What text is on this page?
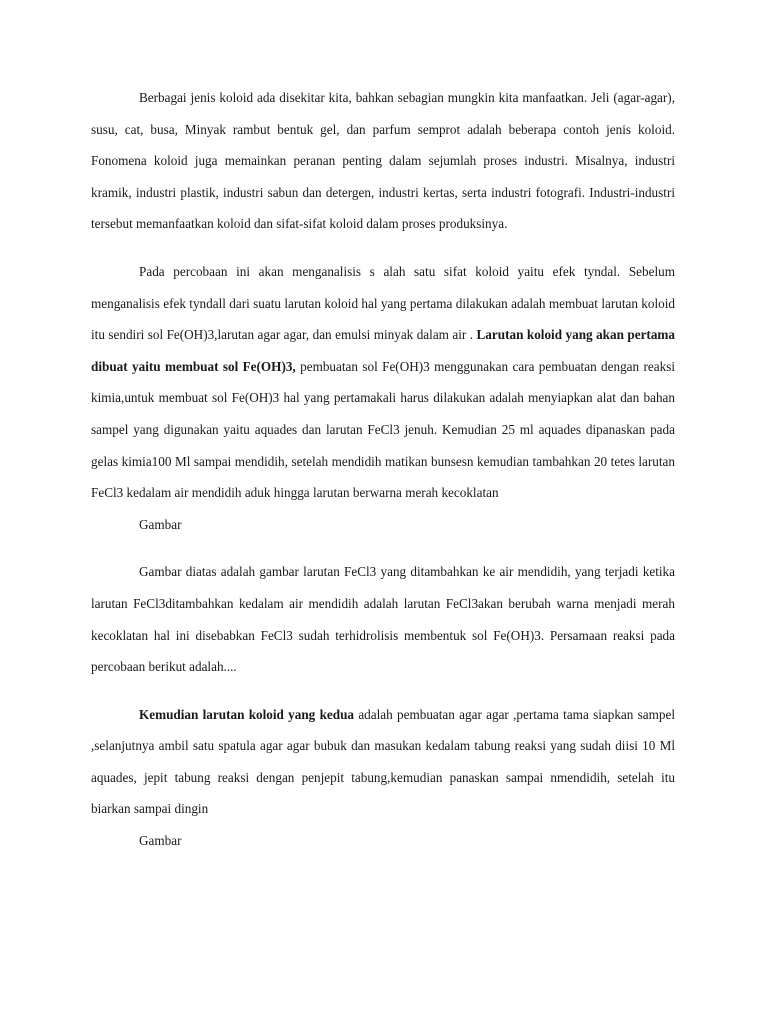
Berbagai jenis koloid ada disekitar kita, bahkan sebagian mungkin kita manfaatkan. Jeli (agar-agar), susu, cat, busa, Minyak rambut bentuk gel, dan parfum semprot adalah beberapa contoh jenis koloid. Fonomena koloid juga memainkan peranan penting dalam sejumlah proses industri. Misalnya, industri kramik, industri plastik, industri sabun dan detergen, industri kertas, serta industri fotografi. Industri-industri tersebut memanfaatkan koloid dan sifat-sifat koloid dalam proses produksinya.

Pada percobaan ini akan menganalisis s alah satu sifat koloid yaitu efek tyndal. Sebelum menganalisis efek tyndall dari suatu larutan koloid hal yang pertama dilakukan adalah membuat larutan koloid itu sendiri sol Fe(OH)3,larutan agar agar, dan emulsi minyak dalam air . Larutan koloid yang akan pertama dibuat yaitu membuat sol Fe(OH)3, pembuatan sol Fe(OH)3 menggunakan cara pembuatan dengan reaksi kimia,untuk membuat sol Fe(OH)3 hal yang pertamakali harus dilakukan adalah menyiapkan alat dan bahan sampel yang digunakan yaitu aquades dan larutan FeCl3 jenuh. Kemudian 25 ml aquades dipanaskan pada gelas kimia100 Ml sampai mendidih, setelah mendidih matikan bunsesn kemudian tambahkan 20 tetes larutan FeCl3 kedalam air mendidih aduk hingga larutan berwarna merah kecoklatan

Gambar

Gambar diatas adalah gambar larutan FeCl3 yang ditambahkan ke air mendidih, yang terjadi ketika larutan FeCl3ditambahkan kedalam air mendidih adalah larutan FeCl3akan berubah warna menjadi merah kecoklatan hal ini disebabkan FeCl3 sudah terhidrolisis membentuk sol Fe(OH)3. Persamaan reaksi pada percobaan berikut adalah....

Kemudian larutan koloid yang kedua adalah pembuatan agar agar ,pertama tama siapkan sampel ,selanjutnya ambil satu spatula agar agar bubuk dan masukan kedalam tabung reaksi yang sudah diisi 10 Ml aquades, jepit tabung reaksi dengan penjepit tabung,kemudian panaskan sampai nmendidih, setelah itu biarkan sampai dingin

Gambar
